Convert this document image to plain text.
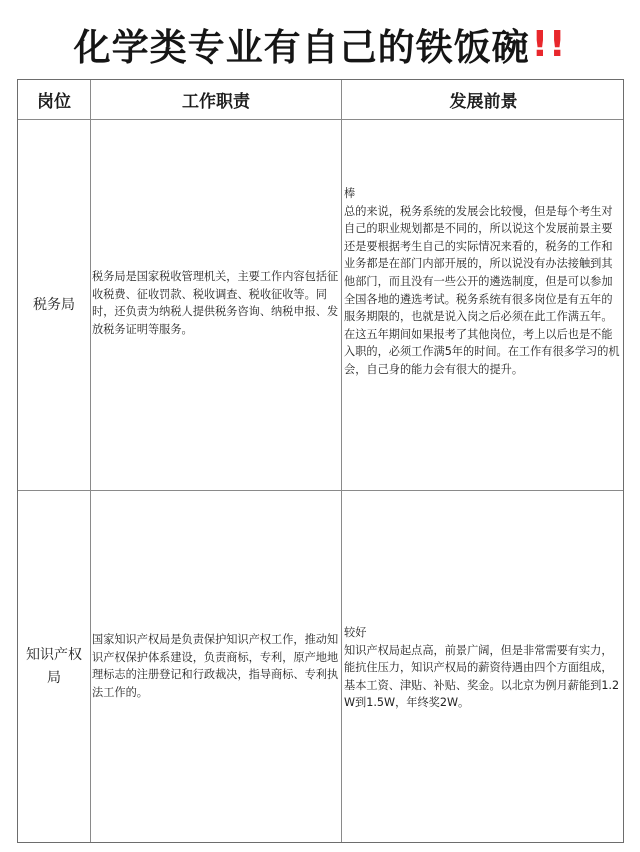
化学类专业有自己的铁饭碗 !!
岗位	工作职责	发展前景
税务局
税务局是国家税收管理机关，主要工作内容包括征收税费、征收罚款、税收调查、税收征收等。同时，还负责为纳税人提供税务咨询、纳税申报、发放税务证明等服务。
棒
总的来说，税务系统的发展会比较慢，但是每个考生对自己的职业规划都是不同的，所以说这个发展前景主要还是要根据考生自己的实际情况来看的，税务的工作和业务都是在部门内部开展的，所以说没有办法接触到其他部门，而且没有一些公开的遴选制度，但是可以参加全国各地的遴选考试。税务系统有很多岗位是有五年的服务期限的，也就是说入岗之后必须在此工作满五年。在这五年期间如果报考了其他岗位，考上以后也是不能入职的，必须工作满5年的时间。在工作有很多学习的机会，自己身的能力会有很大的提升。
知识产权局
国家知识产权局是负责保护知识产权工作，推动知识产权保护体系建设，负责商标，专利，原产地地理标志的注册登记和行政裁决，指导商标、专利执法工作的。
较好
知识产权局起点高，前景广阔，但是非常需要有实力，能抗住压力，知识产权局的薪资待遇由四个方面组成，基本工资、津贴、补贴、奖金。以北京为例月薪能到1.2W到1.5W，年终奖2W。
